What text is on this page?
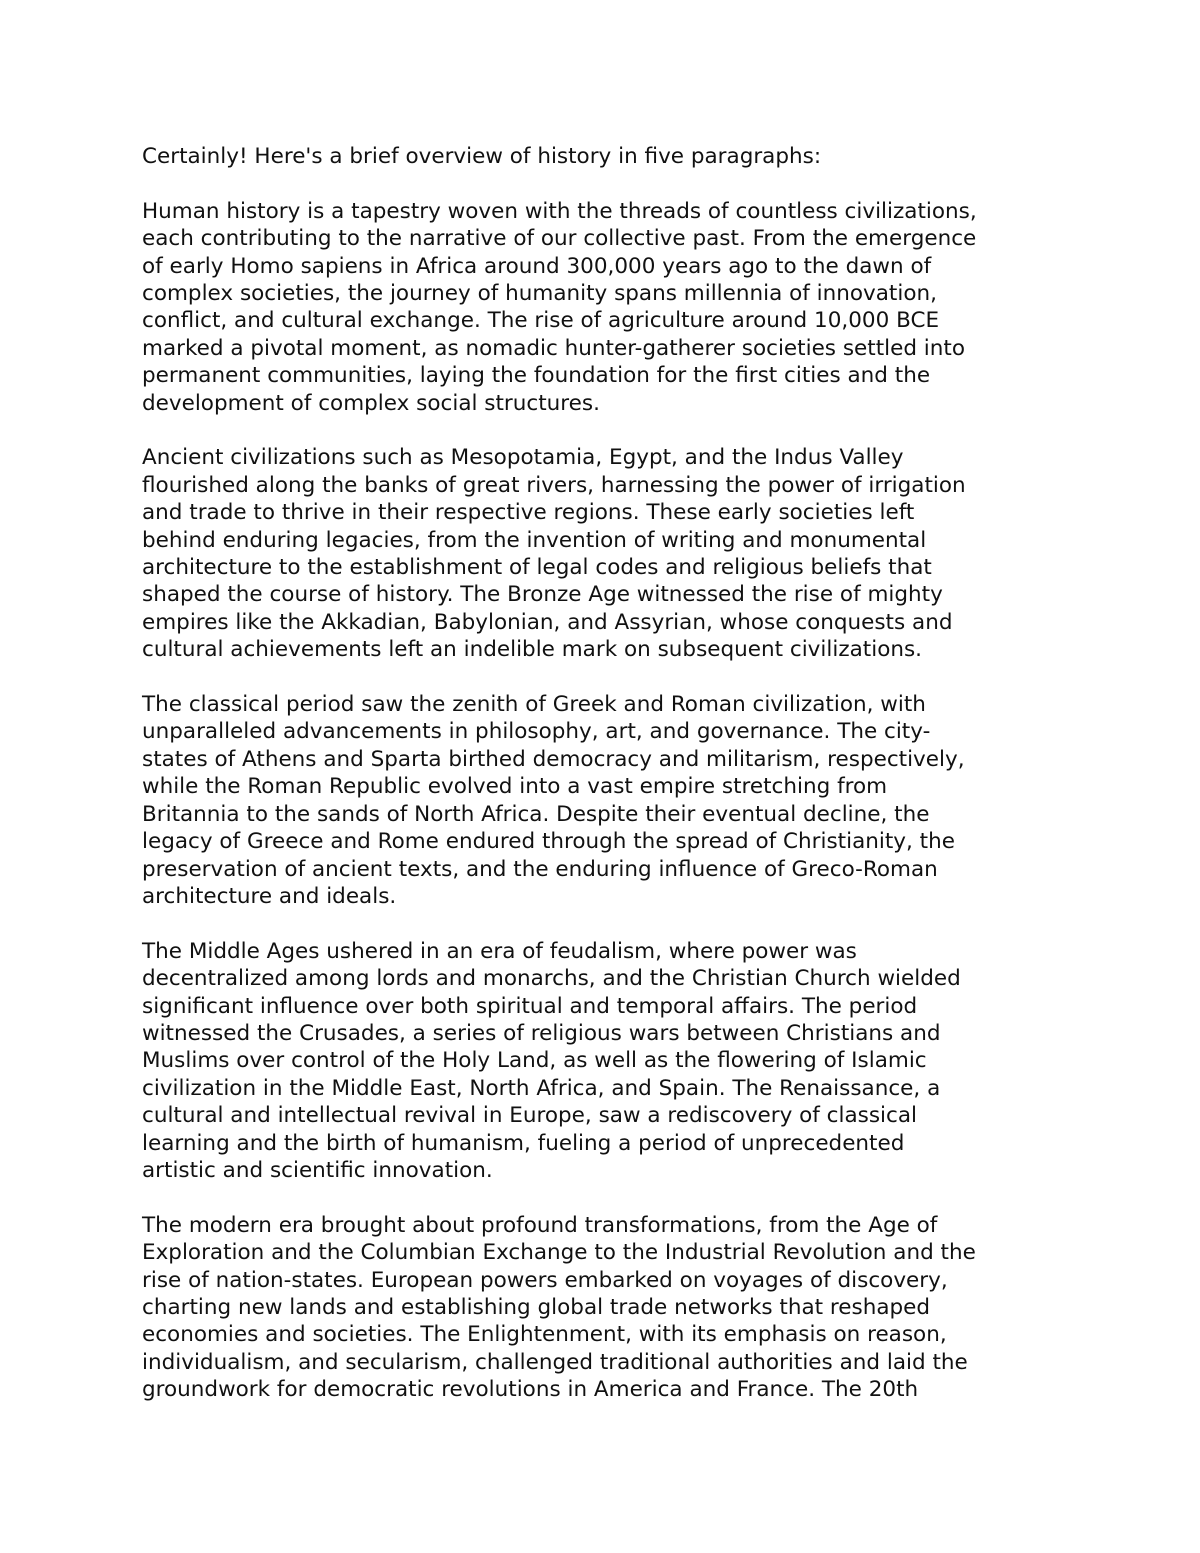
Certainly! Here's a brief overview of history in five paragraphs:

Human history is a tapestry woven with the threads of countless civilizations,
each contributing to the narrative of our collective past. From the emergence
of early Homo sapiens in Africa around 300,000 years ago to the dawn of
complex societies, the journey of humanity spans millennia of innovation,
conflict, and cultural exchange. The rise of agriculture around 10,000 BCE
marked a pivotal moment, as nomadic hunter-gatherer societies settled into
permanent communities, laying the foundation for the first cities and the
development of complex social structures.

Ancient civilizations such as Mesopotamia, Egypt, and the Indus Valley
flourished along the banks of great rivers, harnessing the power of irrigation
and trade to thrive in their respective regions. These early societies left
behind enduring legacies, from the invention of writing and monumental
architecture to the establishment of legal codes and religious beliefs that
shaped the course of history. The Bronze Age witnessed the rise of mighty
empires like the Akkadian, Babylonian, and Assyrian, whose conquests and
cultural achievements left an indelible mark on subsequent civilizations.

The classical period saw the zenith of Greek and Roman civilization, with
unparalleled advancements in philosophy, art, and governance. The city-
states of Athens and Sparta birthed democracy and militarism, respectively,
while the Roman Republic evolved into a vast empire stretching from
Britannia to the sands of North Africa. Despite their eventual decline, the
legacy of Greece and Rome endured through the spread of Christianity, the
preservation of ancient texts, and the enduring influence of Greco-Roman
architecture and ideals.

The Middle Ages ushered in an era of feudalism, where power was
decentralized among lords and monarchs, and the Christian Church wielded
significant influence over both spiritual and temporal affairs. The period
witnessed the Crusades, a series of religious wars between Christians and
Muslims over control of the Holy Land, as well as the flowering of Islamic
civilization in the Middle East, North Africa, and Spain. The Renaissance, a
cultural and intellectual revival in Europe, saw a rediscovery of classical
learning and the birth of humanism, fueling a period of unprecedented
artistic and scientific innovation.

The modern era brought about profound transformations, from the Age of
Exploration and the Columbian Exchange to the Industrial Revolution and the
rise of nation-states. European powers embarked on voyages of discovery,
charting new lands and establishing global trade networks that reshaped
economies and societies. The Enlightenment, with its emphasis on reason,
individualism, and secularism, challenged traditional authorities and laid the
groundwork for democratic revolutions in America and France. The 20th
